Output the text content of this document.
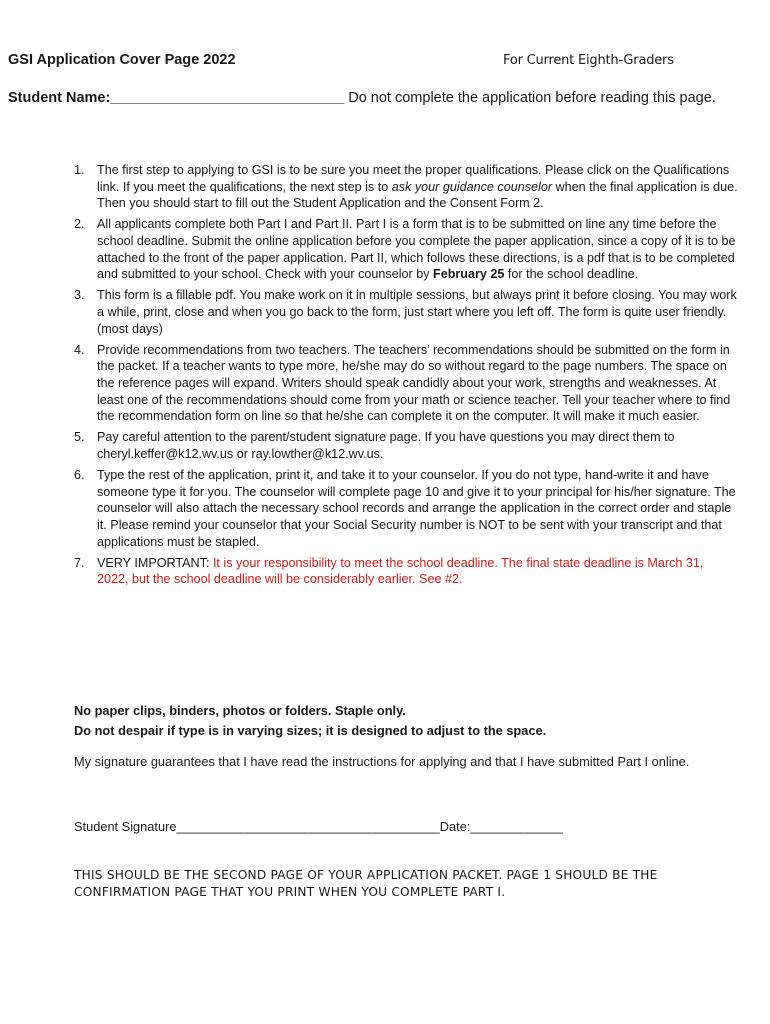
GSI Application Cover Page 2022	For Current Eighth-Graders
Student Name:_____________________________ Do not complete the application before reading this page.
1. The first step to applying to GSI is to be sure you meet the proper qualifications. Please click on the Qualifications link. If you meet the qualifications, the next step is to ask your guidance counselor when the final application is due. Then you should start to fill out the Student Application and the Consent Form 2.
2. All applicants complete both Part I and Part II. Part I is a form that is to be submitted on line any time before the school deadline. Submit the online application before you complete the paper application, since a copy of it is to be attached to the front of the paper application. Part II, which follows these directions, is a pdf that is to be completed and submitted to your school. Check with your counselor by February 25 for the school deadline.
3. This form is a fillable pdf. You make work on it in multiple sessions, but always print it before closing. You may work a while, print, close and when you go back to the form, just start where you left off. The form is quite user friendly. (most days)
4. Provide recommendations from two teachers. The teachers’ recommendations should be submitted on the form in the packet. If a teacher wants to type more, he/she may do so without regard to the page numbers. The space on the reference pages will expand. Writers should speak candidly about your work, strengths and weaknesses. At least one of the recommendations should come from your math or science teacher. Tell your teacher where to find the recommendation form on line so that he/she can complete it on the computer. It will make it much easier.
5. Pay careful attention to the parent/student signature page. If you have questions you may direct them to cheryl.keffer@k12.wv.us or ray.lowther@k12.wv.us.
6. Type the rest of the application, print it, and take it to your counselor. If you do not type, hand-write it and have someone type it for you. The counselor will complete page 10 and give it to your principal for his/her signature. The counselor will also attach the necessary school records and arrange the application in the correct order and staple it. Please remind your counselor that your Social Security number is NOT to be sent with your transcript and that applications must be stapled.
7. VERY IMPORTANT: It is your responsibility to meet the school deadline. The final state deadline is March 31, 2022, but the school deadline will be considerably earlier. See #2.
No paper clips, binders, photos or folders. Staple only.
Do not despair if type is in varying sizes; it is designed to adjust to the space.
My signature guarantees that I have read the instructions for applying and that I have submitted Part I online.
Student Signature_____________________________________Date:_____________
THIS SHOULD BE THE SECOND PAGE OF YOUR APPLICATION PACKET. PAGE 1 SHOULD BE THE CONFIRMATION PAGE THAT YOU PRINT WHEN YOU COMPLETE PART I.
